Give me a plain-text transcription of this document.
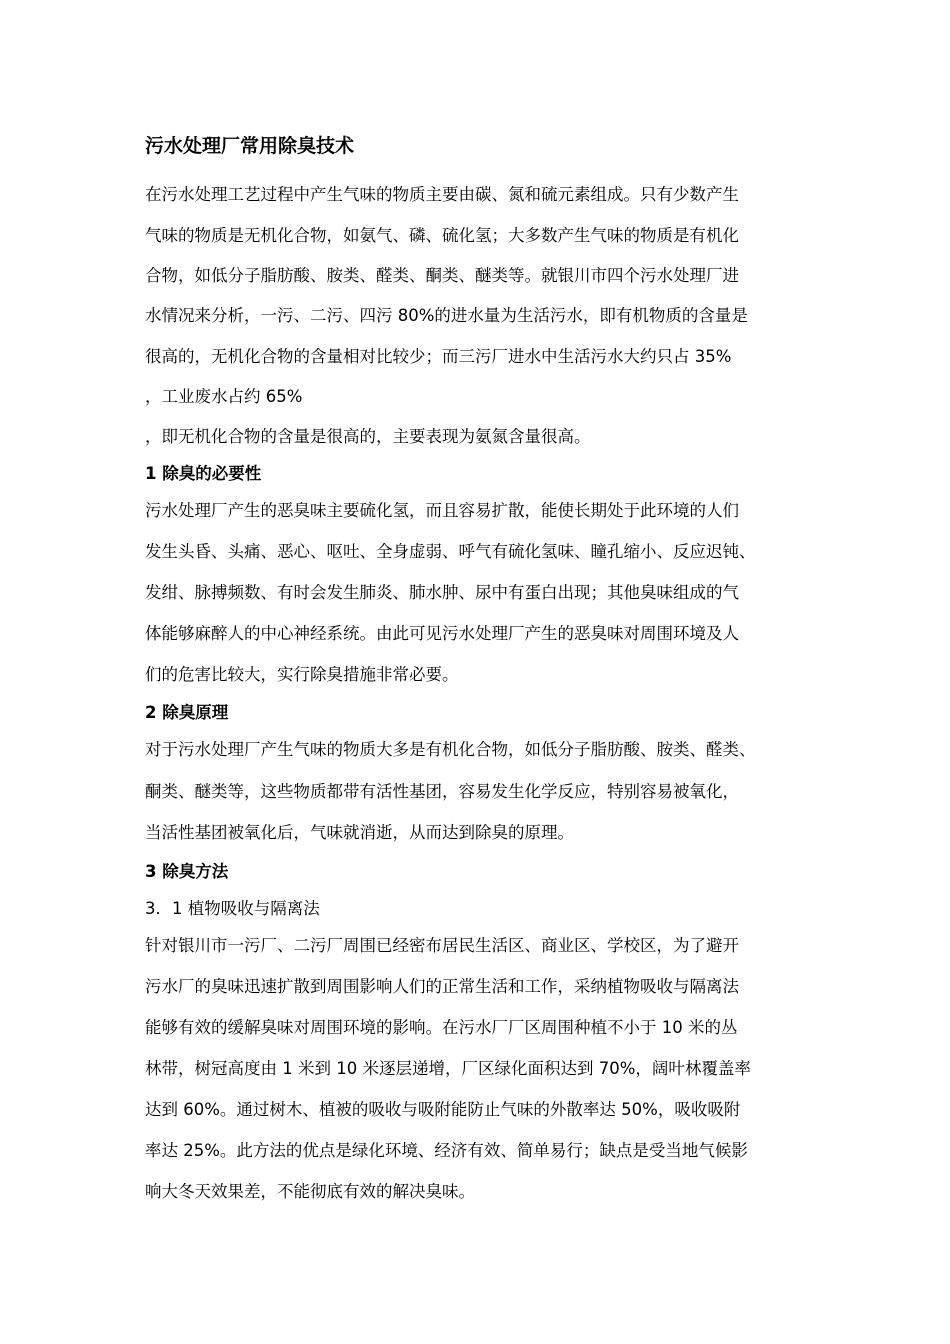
污水处理厂常用除臭技术
在污水处理工艺过程中产生气味的物质主要由碳、氮和硫元素组成。只有少数产生
气味的物质是无机化合物，如氨气、磷、硫化氢；大多数产生气味的物质是有机化
合物，如低分子脂肪酸、胺类、醛类、酮类、醚类等。就银川市四个污水处理厂进
水情况来分析，一污、二污、四污 80%的进水量为生活污水，即有机物质的含量是
很高的，无机化合物的含量相对比较少；而三污厂进水中生活污水大约只占 35%
，工业废水占约 65%
，即无机化合物的含量是很高的，主要表现为氨氮含量很高。
1 除臭的必要性
污水处理厂产生的恶臭味主要硫化氢，而且容易扩散，能使长期处于此环境的人们
发生头昏、头痛、恶心、呕吐、全身虚弱、呼气有硫化氢味、瞳孔缩小、反应迟钝、
发绀、脉搏频数、有时会发生肺炎、肺水肿、尿中有蛋白出现；其他臭味组成的气
体能够麻醉人的中心神经系统。由此可见污水处理厂产生的恶臭味对周围环境及人
们的危害比较大，实行除臭措施非常必要。
2 除臭原理
对于污水处理厂产生气味的物质大多是有机化合物，如低分子脂肪酸、胺类、醛类、
酮类、醚类等，这些物质都带有活性基团，容易发生化学反应，特别容易被氧化，
当活性基团被氧化后，气味就消逝，从而达到除臭的原理。
3 除臭方法
3．1 植物吸收与隔离法
针对银川市一污厂、二污厂周围已经密布居民生活区、商业区、学校区，为了避开
污水厂的臭味迅速扩散到周围影响人们的正常生活和工作，采纳植物吸收与隔离法
能够有效的缓解臭味对周围环境的影响。在污水厂厂区周围种植不小于 10 米的丛
林带，树冠高度由 1 米到 10 米逐层递增，厂区绿化面积达到 70%，阔叶林覆盖率
达到 60%。通过树木、植被的吸收与吸附能防止气味的外散率达 50%，吸收吸附
率达 25%。此方法的优点是绿化环境、经济有效、简单易行；缺点是受当地气候影
响大冬天效果差，不能彻底有效的解决臭味。
